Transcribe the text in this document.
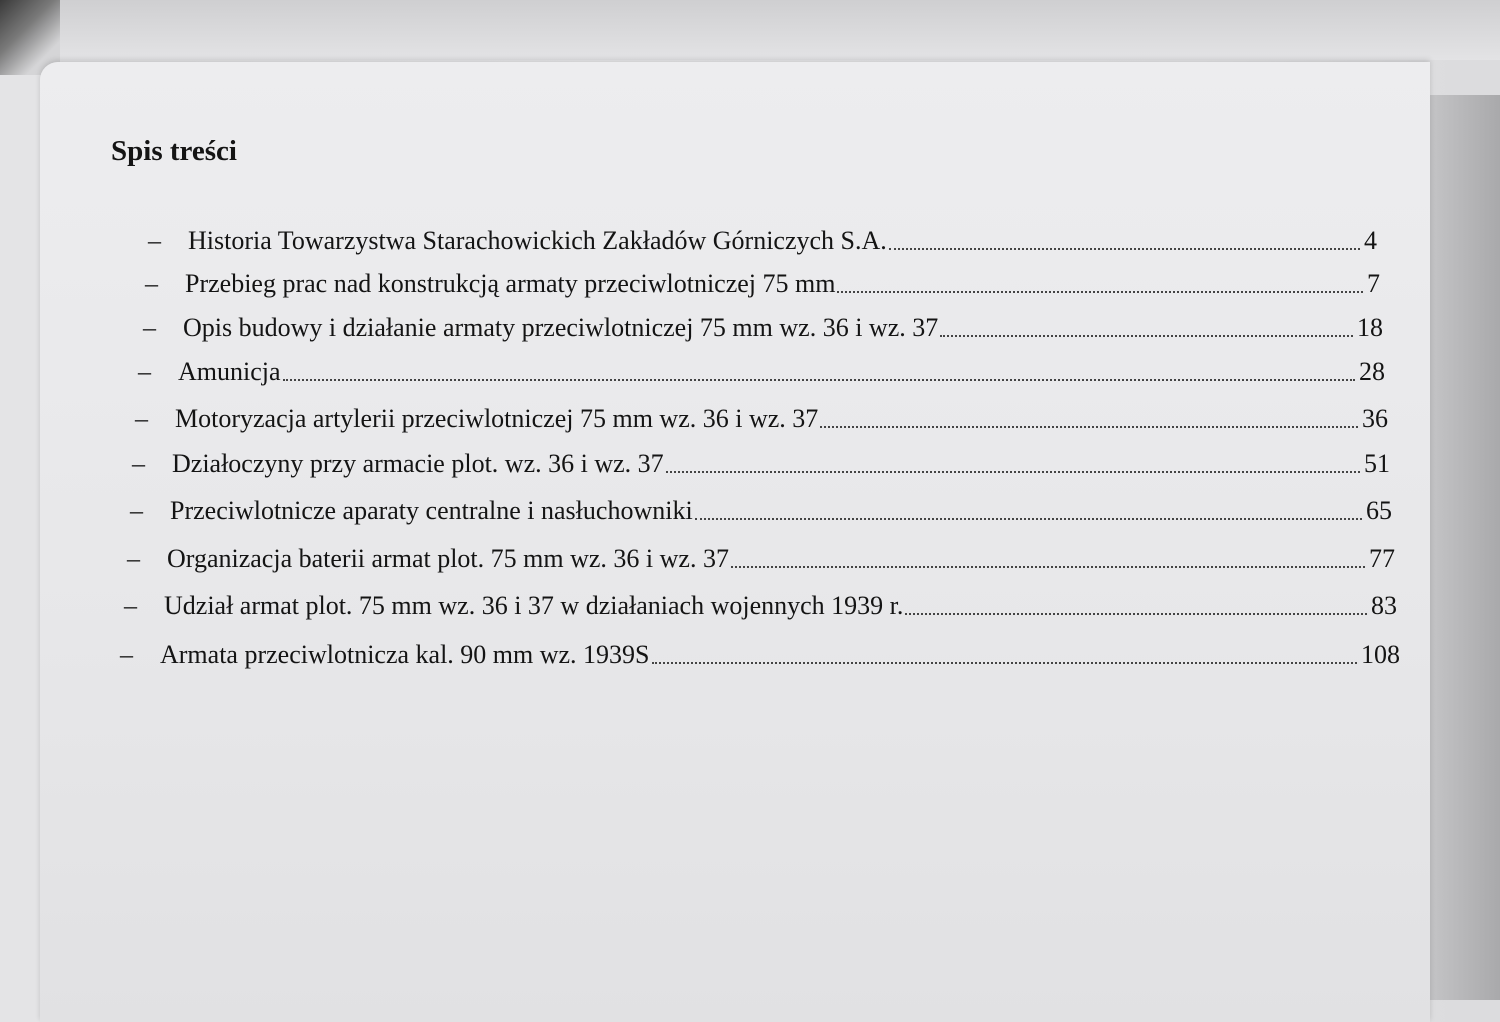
Spis treści
–	Historia Towarzystwa Starachowickich Zakładów Górniczych S.A.	4
–	Przebieg prac nad konstrukcją armaty przeciwlotniczej 75 mm	7
–	Opis budowy i działanie armaty przeciwlotniczej 75 mm wz. 36 i wz. 37	18
–	Amunicja	28
–	Motoryzacja artylerii przeciwlotniczej 75 mm wz. 36 i wz. 37	36
–	Działoczyny przy armacie plot. wz. 36 i wz. 37	51
–	Przeciwlotnicze aparaty centralne i nasłuchowniki	65
–	Organizacja baterii armat plot. 75 mm wz. 36 i wz. 37	77
–	Udział armat plot. 75 mm wz. 36 i 37 w działaniach wojennych 1939 r.	83
–	Armata przeciwlotnicza kal. 90 mm wz. 1939S	108
